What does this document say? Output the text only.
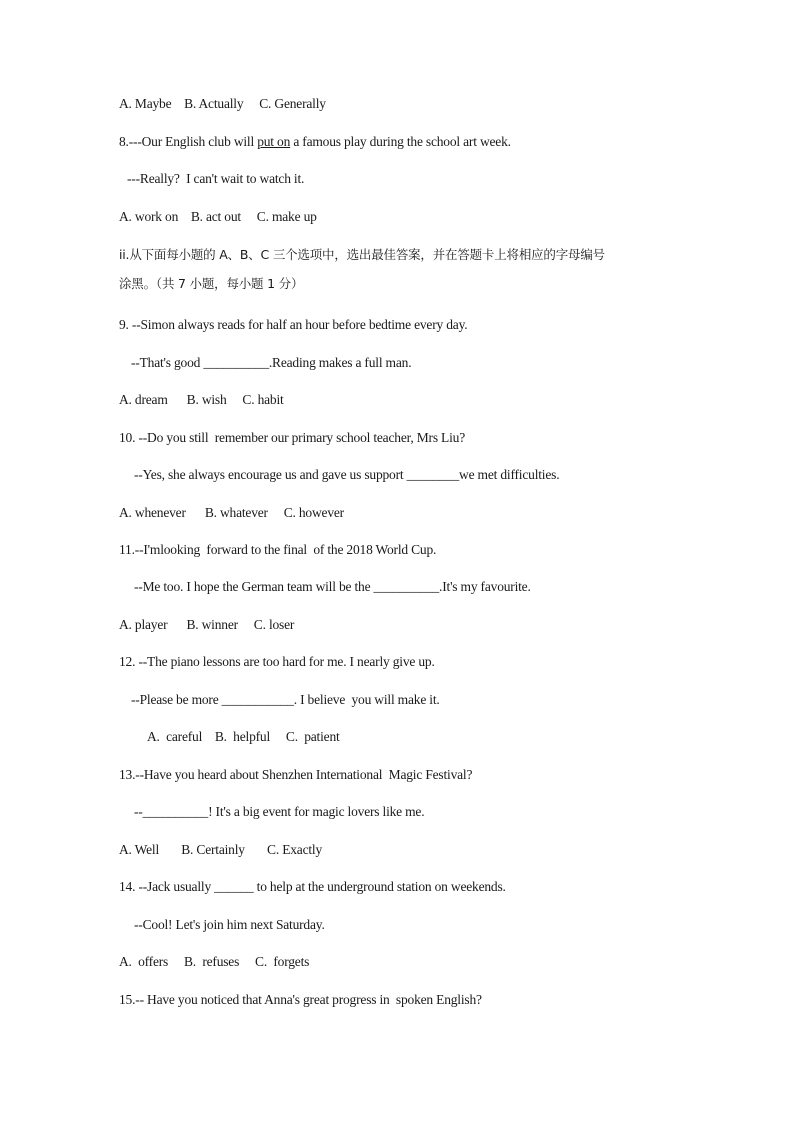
A. Maybe    B. Actually     C. Generally
8.---Our English club will put on a famous play during the school art week.
---Really?  I can't wait to watch it.
A. work on    B. act out     C. make up
ii.从下面每小题的 A、B、C 三个选项中，选出最佳答案，并在答题卡上将相应的字母编号
涂黑。（共 7 小题，每小题 1 分）
9. --Simon always reads for half an hour before bedtime every day.
--That's good __________.Reading makes a full man.
A. dream      B. wish     C. habit
10. --Do you still  remember our primary school teacher, Mrs Liu?
--Yes, she always encourage us and gave us support ________we met difficulties.
A. whenever      B. whatever     C. however
11.--I'mlooking  forward to the final  of the 2018 World Cup.
--Me too. I hope the German team will be the __________.It's my favourite.
A. player      B. winner     C. loser
12. --The piano lessons are too hard for me. I nearly give up.
--Please be more ___________. I believe  you will make it.
A.  careful    B.  helpful     C.  patient
13.--Have you heard about Shenzhen International  Magic Festival?
--__________! It's a big event for magic lovers like me.
A. Well       B. Certainly       C. Exactly
14. --Jack usually ______ to help at the underground station on weekends.
--Cool! Let's join him next Saturday.
A.  offers     B.  refuses     C.  forgets
15.-- Have you noticed that Anna's great progress in  spoken English?
